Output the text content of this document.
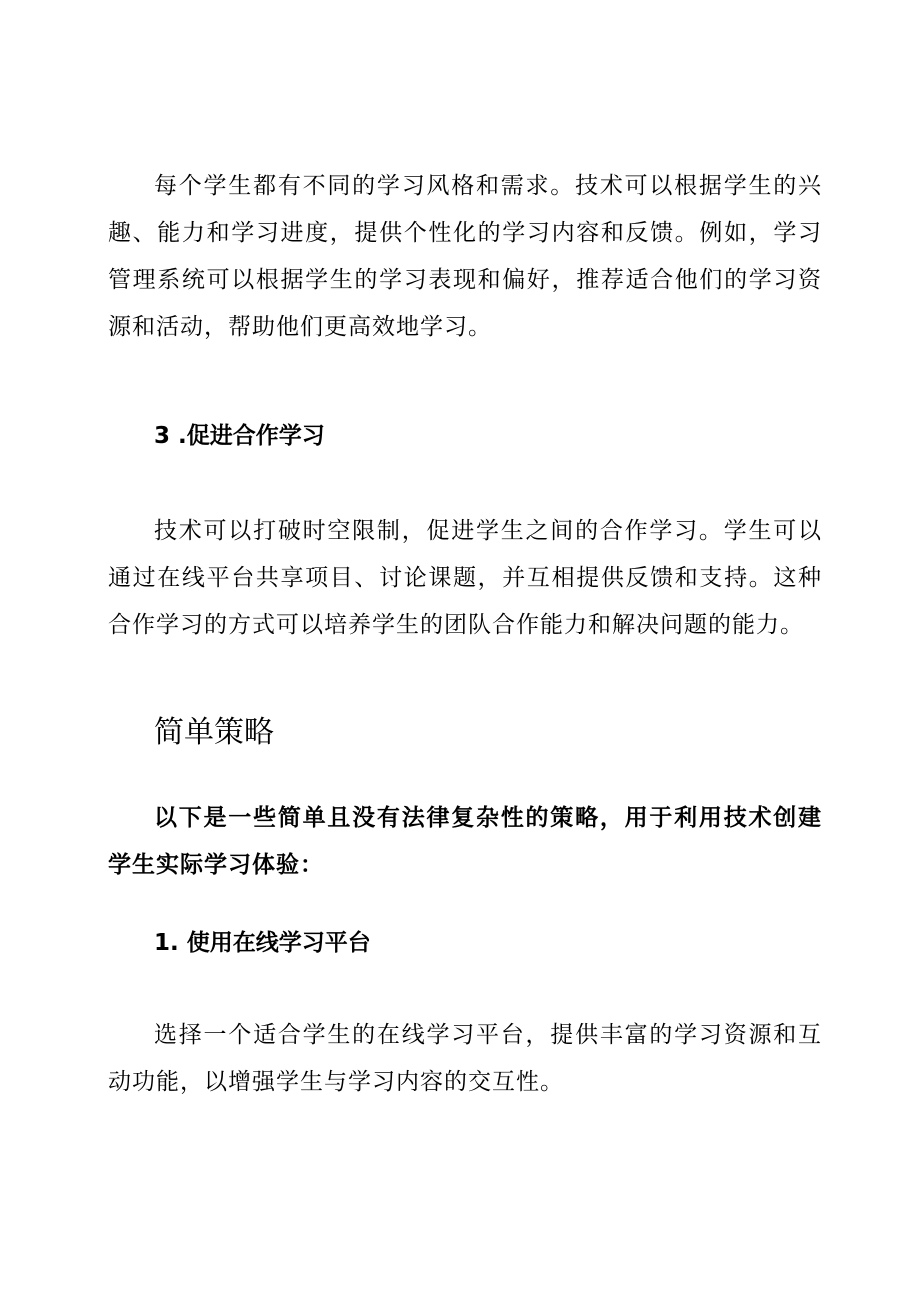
每个学生都有不同的学习风格和需求。技术可以根据学生的兴趣、能力和学习进度，提供个性化的学习内容和反馈。例如，学习管理系统可以根据学生的学习表现和偏好，推荐适合他们的学习资源和活动，帮助他们更高效地学习。

3 .促进合作学习

技术可以打破时空限制，促进学生之间的合作学习。学生可以通过在线平台共享项目、讨论课题，并互相提供反馈和支持。这种合作学习的方式可以培养学生的团队合作能力和解决问题的能力。

简单策略

以下是一些简单且没有法律复杂性的策略，用于利用技术创建学生实际学习体验：

1. 使用在线学习平台

选择一个适合学生的在线学习平台，提供丰富的学习资源和互动功能，以增强学生与学习内容的交互性。
